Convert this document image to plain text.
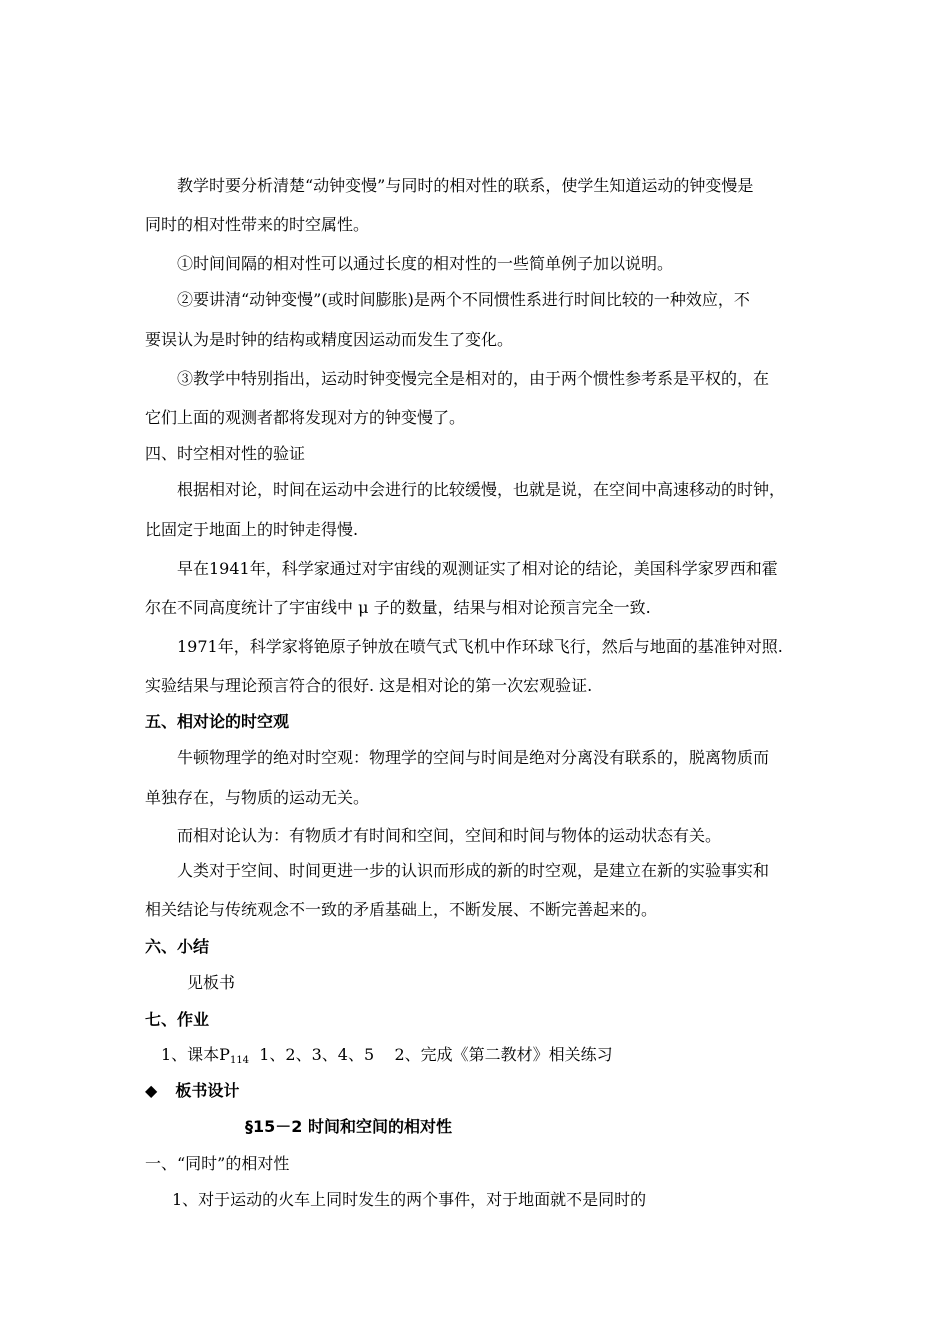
教学时要分析清楚“动钟变慢”与同时的相对性的联系，使学生知道运动的钟变慢是
同时的相对性带来的时空属性。
①时间间隔的相对性可以通过长度的相对性的一些简单例子加以说明。
②要讲清“动钟变慢”(或时间膨胀)是两个不同惯性系进行时间比较的一种效应，不
要误认为是时钟的结构或精度因运动而发生了变化。
③教学中特别指出，运动时钟变慢完全是相对的，由于两个惯性参考系是平权的，在
它们上面的观测者都将发现对方的钟变慢了。
四、时空相对性的验证
根据相对论，时间在运动中会进行的比较缓慢，也就是说，在空间中高速移动的时钟，
比固定于地面上的时钟走得慢.
早在1941年，科学家通过对宇宙线的观测证实了相对论的结论，美国科学家罗西和霍
尔在不同高度统计了宇宙线中 μ 子的数量，结果与相对论预言完全一致.
1971年，科学家将铯原子钟放在喷气式飞机中作环球飞行，然后与地面的基准钟对照.
实验结果与理论预言符合的很好. 这是相对论的第一次宏观验证.
五、相对论的时空观
牛顿物理学的绝对时空观：物理学的空间与时间是绝对分离没有联系的，脱离物质而
单独存在，与物质的运动无关。
而相对论认为：有物质才有时间和空间，空间和时间与物体的运动状态有关。
人类对于空间、时间更进一步的认识而形成的新的时空观，是建立在新的实验事实和
相关结论与传统观念不一致的矛盾基础上，不断发展、不断完善起来的。
六、小结
见板书
七、作业
1、课本$P_{114}$  1、2、3、4、5    2、完成《第二教材》相关练习
◆ 板书设计
§15－2 时间和空间的相对性
一、“同时”的相对性
1、对于运动的火车上同时发生的两个事件，对于地面就不是同时的
